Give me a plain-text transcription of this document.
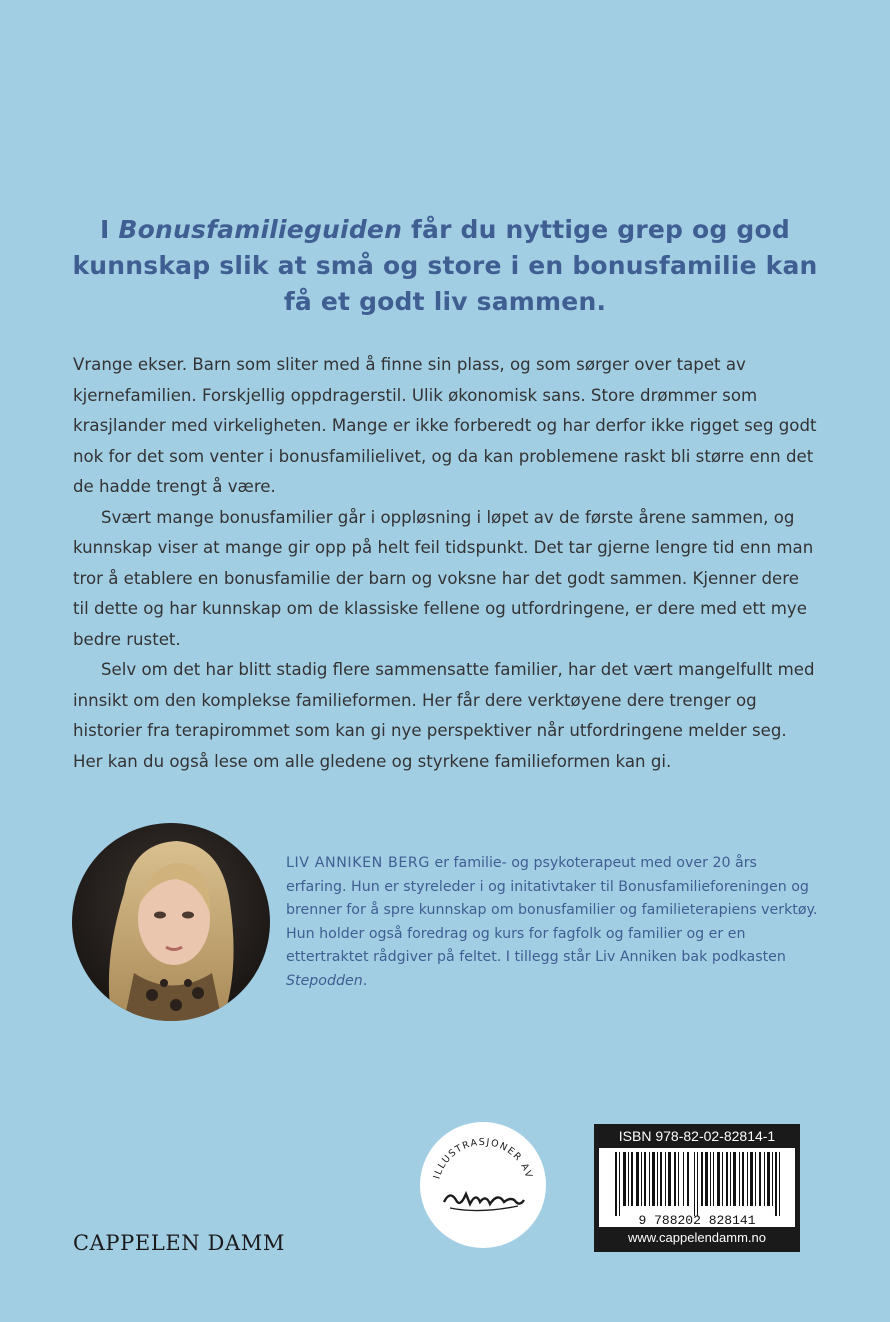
I Bonusfamilieguiden får du nyttige grep og god kunnskap slik at små og store i en bonusfamilie kan få et godt liv sammen.

Vrange ekser. Barn som sliter med å finne sin plass, og som sørger over tapet av kjernefamilien. Forskjellig oppdragerstil. Ulik økonomisk sans. Store drømmer som krasjlander med virkeligheten. Mange er ikke forberedt og har derfor ikke rigget seg godt nok for det som venter i bonusfamilielivet, og da kan problemene raskt bli større enn det de hadde trengt å være.

Svært mange bonusfamilier går i oppløsning i løpet av de første årene sammen, og kunnskap viser at mange gir opp på helt feil tidspunkt. Det tar gjerne lengre tid enn man tror å etablere en bonusfamilie der barn og voksne har det godt sammen. Kjenner dere til dette og har kunnskap om de klassiske fellene og utfordringene, er dere med ett mye bedre rustet.

Selv om det har blitt stadig flere sammensatte familier, har det vært mangelfullt med innsikt om den komplekse familieformen. Her får dere verktøyene dere trenger og historier fra terapirommet som kan gi nye perspektiver når utfordringene melder seg. Her kan du også lese om alle gledene og styrkene familieformen kan gi.

LIV ANNIKEN BERG er familie- og psykoterapeut med over 20 års erfaring. Hun er styreleder i og initativtaker til Bonusfamilieforeningen og brenner for å spre kunnskap om bonusfamilier og familieterapiens verktøy. Hun holder også foredrag og kurs for fagfolk og familier og er en ettertraktet rådgiver på feltet. I tillegg står Liv Anniken bak podkasten Stepodden.
ILLUSTRASJONER AV
CAPPELEN DAMM
ISBN 978-82-02-82814-1
9 788202 828141
www.cappelendamm.no
